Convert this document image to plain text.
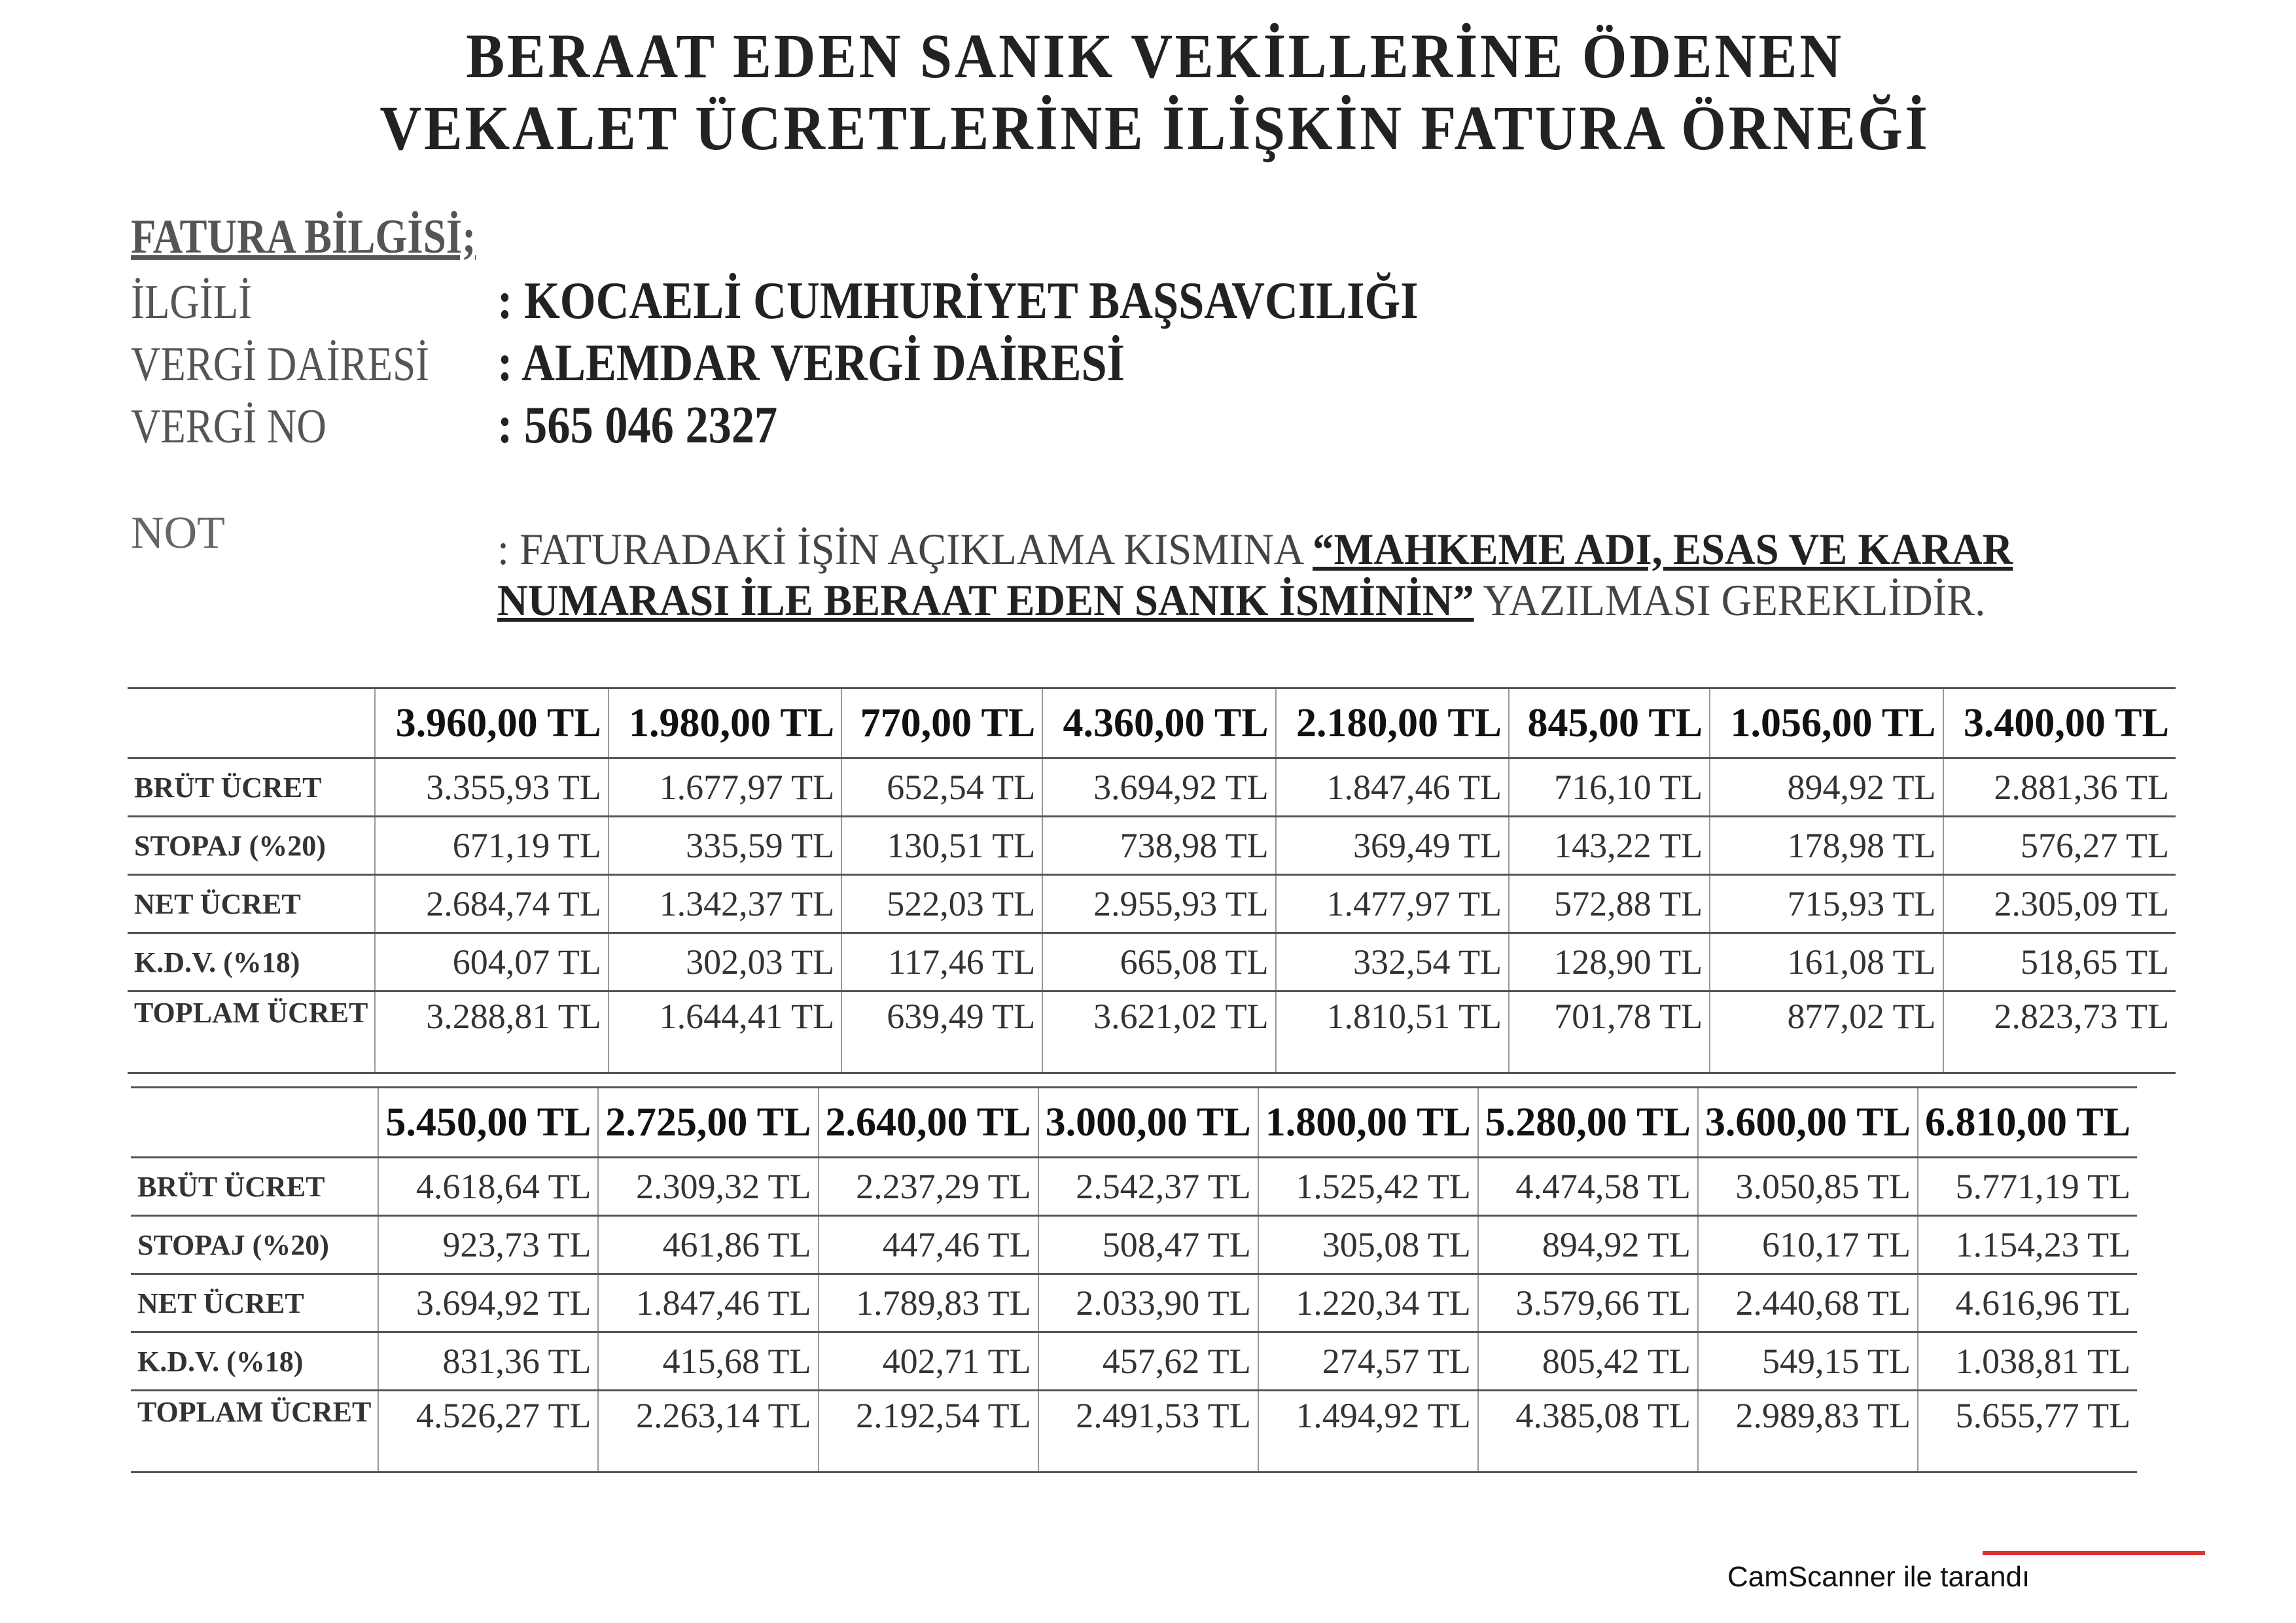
BERAAT EDEN SANIK VEKİLLERİNE ÖDENEN
VEKALET ÜCRETLERİNE İLİŞKİN FATURA ÖRNEĞİ
FATURA BİLGİSİ;
İLGİLİ	: KOCAELİ CUMHURİYET BAŞSAVCILIĞI
VERGİ DAİRESİ : ALEMDAR VERGİ DAİRESİ
VERGİ NO	: 565 046 2327
NOT	: FATURADAKİ İŞİN AÇIKLAMA KISMINA “MAHKEME ADI, ESAS VE KARAR NUMARASI İLE BERAAT EDEN SANIK İSMİNİN” YAZILMASI GEREKLİDİR.
	3.960,00 TL	1.980,00 TL	770,00 TL	4.360,00 TL	2.180,00 TL	845,00 TL	1.056,00 TL	3.400,00 TL
BRÜT ÜCRET	3.355,93 TL	1.677,97 TL	652,54 TL	3.694,92 TL	1.847,46 TL	716,10 TL	894,92 TL	2.881,36 TL
STOPAJ (%20)	671,19 TL	335,59 TL	130,51 TL	738,98 TL	369,49 TL	143,22 TL	178,98 TL	576,27 TL
NET ÜCRET	2.684,74 TL	1.342,37 TL	522,03 TL	2.955,93 TL	1.477,97 TL	572,88 TL	715,93 TL	2.305,09 TL
K.D.V. (%18)	604,07 TL	302,03 TL	117,46 TL	665,08 TL	332,54 TL	128,90 TL	161,08 TL	518,65 TL
TOPLAM ÜCRET	3.288,81 TL	1.644,41 TL	639,49 TL	3.621,02 TL	1.810,51 TL	701,78 TL	877,02 TL	2.823,73 TL
	5.450,00 TL	2.725,00 TL	2.640,00 TL	3.000,00 TL	1.800,00 TL	5.280,00 TL	3.600,00 TL	6.810,00 TL
BRÜT ÜCRET	4.618,64 TL	2.309,32 TL	2.237,29 TL	2.542,37 TL	1.525,42 TL	4.474,58 TL	3.050,85 TL	5.771,19 TL
STOPAJ (%20)	923,73 TL	461,86 TL	447,46 TL	508,47 TL	305,08 TL	894,92 TL	610,17 TL	1.154,23 TL
NET ÜCRET	3.694,92 TL	1.847,46 TL	1.789,83 TL	2.033,90 TL	1.220,34 TL	3.579,66 TL	2.440,68 TL	4.616,96 TL
K.D.V. (%18)	831,36 TL	415,68 TL	402,71 TL	457,62 TL	274,57 TL	805,42 TL	549,15 TL	1.038,81 TL
TOPLAM ÜCRET	4.526,27 TL	2.263,14 TL	2.192,54 TL	2.491,53 TL	1.494,92 TL	4.385,08 TL	2.989,83 TL	5.655,77 TL
CamScanner ile tarandı
